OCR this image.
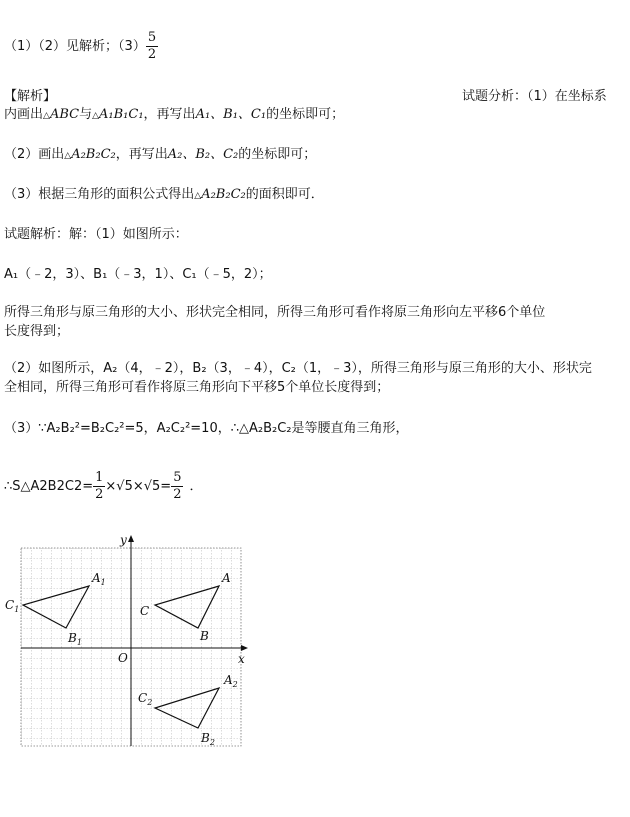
（1）（2）见解析；$(3) \frac{5}{2}$
【解析】	试题分析：（1）在坐标系
内画出△ABC与△A₁B₁C₁，再写出A₁、B₁、C₁的坐标即可；
（2）画出△A₂B₂C₂，再写出A₂、B₂、C₂的坐标即可；
（3）根据三角形的面积公式得出△A₂B₂C₂的面积即可．
试题解析：解：（1）如图所示：
A₁（﹣2，3）、B₁（﹣3，1）、C₁（﹣5，2）；
所得三角形与原三角形的大小、形状完全相同，所得三角形可看作将原三角形向左平移6个单位
长度得到；
（2）如图所示，A₂（4，﹣2），B₂（3，﹣4），C₂（1，﹣3），所得三角形与原三角形的大小、形状完
全相同，所得三角形可看作将原三角形向下平移5个单位长度得到；
（3）∵A₂B₂²=B₂C₂²=5，A₂C₂²=10，∴△A₂B₂C₂是等腰直角三角形，
∴S△A2B2C2= $\frac{1}{2} \times√5\times√5= \frac{5}{2}$ ．
y
x
O
$A_1$
$B_1$
$C_1$
A
B
C
$A_2$
$B_2$
$C_2$
